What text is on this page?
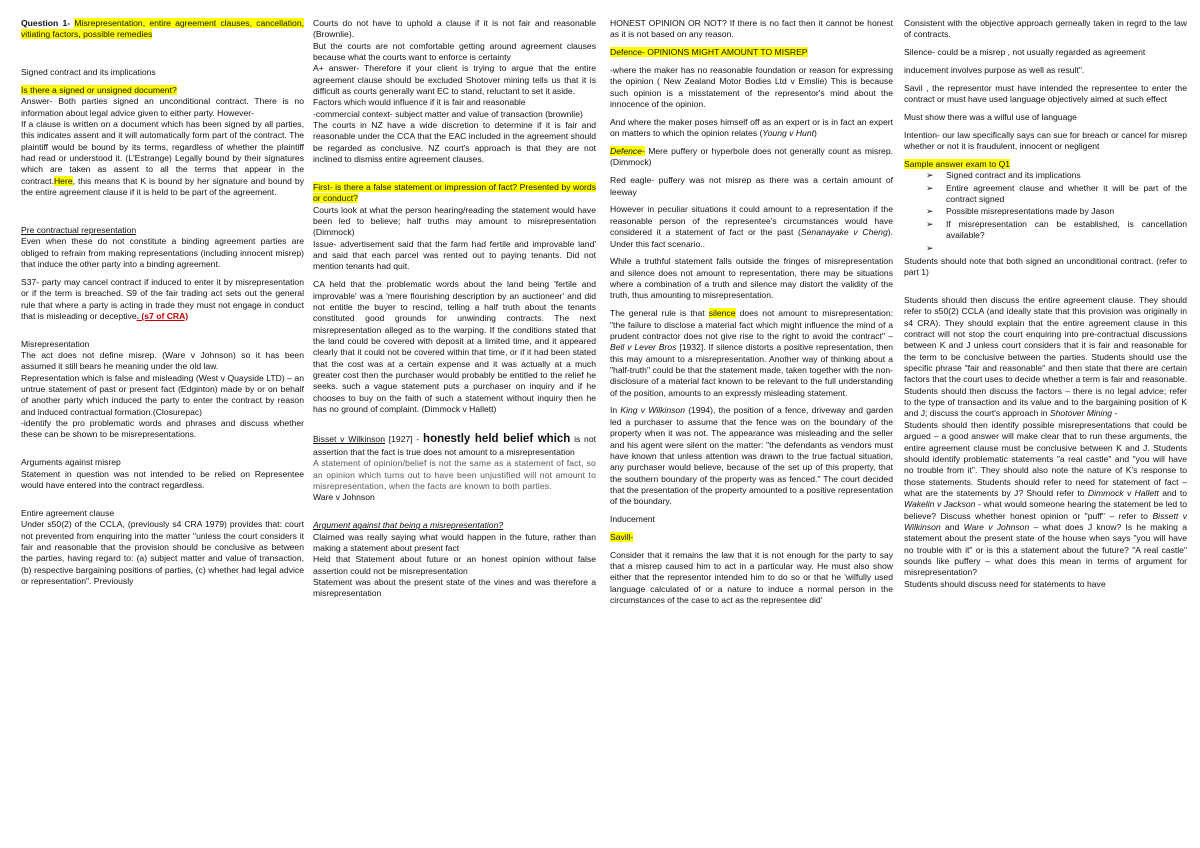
Question 1- Misrepresentation, entire agreement clauses, cancellation, vitiating factors, possible remedies

Signed contract and its implications

Is there a signed or unsigned document?

Answer- Both parties signed an unconditional contract. There is no information about legal advice given to either party. However-

If a clause is written on a document which has been signed by all parties, this indicates assent and it will automatically form part of the contract. The plaintiff would be bound by its terms, regardless of whether the plaintiff had read or understood it. (L'Estrange) Legally bound by their signatures which are taken as assent to all the terms that appear in the contract.Here, this means that K is bound by her signature and bound by the entire agreement clause if it is held to be part of the agreement.

Pre contractual representation

Even when these do not constitute a binding agreement parties are obliged to refrain from making representations (including innocent misrep) that induce the other party into a binding agreement.

S37- party may cancel contract if induced to enter it by misrepresentation or if the term is breached. S9 of the fair trading act sets out the general rule that where a party is acting in trade they must not engage in conduct that is misleading or deceptive. (s7 of CRA)

Misrepresentation

The act does not define misrep. (Ware v Johnson) so it has been assumed it still bears he meaning under the old law.

Representation which is false and misleading (West v Quayside LTD) – an untrue statement of past or present fact (Edginton) made by or on behalf of another party which induced the party to enter the contract by reason and induced contractual formation.(Closurepac)

-identify the pro problematic words and phrases and discuss whether these can be shown to be misrepresentations.

Arguments against misrep

Statement in question was not intended to be relied on Representee would have entered into the contract regardless.

Entire agreement clause

Under s50(2) of the CCLA, (previously s4 CRA 1979) provides that: court not prevented from enquiring into the matter "unless the court considers it fair and reasonable that the provision should be conclusive as between the parties, having regard to: (a) subject matter and value of transaction,(b) respective bargaining positions of parties, (c) whether had legal advice or representation". Previously

Courts do not have to uphold a clause if it is not fair and reasonable (Brownlie).

But the courts are not comfortable getting around agreement clauses because what the courts want to enforce is certainty

A+ answer- Therefore if your client is trying to argue that the entire agreement clause should be excluded Shotover mining tells us that it is difficult as courts generally want EC to stand, reluctant to set it aside.

Factors which would influence if it is fair and reasonable

-commercial context- subject matter and value of transaction (brownlie)

The courts in NZ have a wide discretion to determine if it is fair and reasonable under the CCA that the EAC included in the agreement should be regarded as conclusive. NZ court's approach is that they are not inclined to dismiss entire agreement clauses.

First- is there a false statement or impression of fact? Presented by words or conduct?

Courts look at what the person hearing/reading the statement would have been led to believe; half truths may amount to misrepresentation (Dimmock)

Issue- advertisement said that the farm had fertile and improvable land' and said that each parcel was rented out to paying tenants. Did not mention tenants had quit.

CA held that the problematic words about the land being 'fertile and improvable' was a 'mere flourishing description by an auctioneer' and did not entitle the buyer to rescind, telling a half truth about the tenants constituted good grounds for unwinding contracts. The next misrepresentation alleged as to the warping. If the conditions stated that the land could be covered with deposit at a limited time, and it appeared clearly that it could not be covered within that time, or if it had been stated that the cost was at a certain expense and it was actually at a much greater cost then the purchaser would probably be entitled to the relief he seeks. such a vague statement puts a purchaser on inquiry and if he chooses to buy on the faith of such a statement without inquiry then he has no ground of complaint. (Dimmock v Hallett)

Bisset v Wilkinson [1927] - honestly held belief which is not assertion that the fact is true does not amount to a misrepresentation

A statement of opinion/belief is not the same as a statement of fact, so an opinion which turns out to have been unjustified will not amount to misrepresentation, when the facts are known to both parties.

Ware v Johnson

Argument against that being a misrepresentation?

Claimed was really saying what would happen in the future, rather than making a statement about present fact

Held that Statement about future or an honest opinion without false assertion could not be misrepresentation

Statement was about the present state of the vines and was therefore a misrepresentation

HONEST OPINION OR NOT? If there is no fact then it cannot be honest as it is not based on any reason.

Defence- OPINIONS MIGHT AMOUNT TO MISREP

-where the maker has no reasonable foundation or reason for expressing the opinion ( New Zealand Motor Bodies Ltd v Emslie) This is because such opinion is a misstatement of the representor's mind about the innocence of the opinion.

And where the maker poses himself off as an expert or is in fact an expert on matters to which the opinion relates (Young v Hunt)

Defence- Mere puffery or hyperbole does not generally count as misrep. (Dimmock)

Red eagle- puffery was not misrep as there was a certain amount of leeway

However in peculiar situations it could amount to a representation if the reasonable person of the representee's circumstances would have considered it a statement of fact or the past (Senanayake v Cheng). Under this fact scenario..

While a truthful statement falls outside the fringes of misrepresentation and silence does not amount to representation, there may be situations where a combination of a truth and silence may distort the validity of the truth, thus amounting to misrepresentation.

The general rule is that silence does not amount to misrepresentation: "the failure to disclose a material fact which might influence the mind of a prudent contractor does not give rise to the right to avoid the contract" – Bell v Lever Bros [1932]. If silence distorts a positive representation, then this may amount to a misrepresentation. Another way of thinking about a "half-truth" could be that the statement made, taken together with the non-disclosure of a material fact known to be relevant to the full understanding of the position, amounts to an expressly misleading statement.

In King v Wilkinson (1994), the position of a fence, driveway and garden led a purchaser to assume that the fence was on the boundary of the property when it was not. The appearance was misleading and the seller and his agent were silent on the matter: "the defendants as vendors must have known that unless attention was drawn to the true factual situation, any purchaser would believe, because of the set up of this property, that the southern boundary of the property was as fenced." The court decided that the presentation of the property amounted to a positive representation of the boundary.

Inducement

Savill-

Consider that it remains the law that it is not enough for the party to say that a misrep caused him to act in a particular way. He must also show either that the representor intended him to do so or that he 'wilfully used language calculated of or a nature to induce a normal person in the circumstances of the case to act as the representee did'

Consistent with the objective approach gerneally taken in regrd to the law of contracts.

Silence- could be a misrep , not usually regarded as agreement

inducement involves purpose as well as result".

Savil , the representor must have intended the representee to enter the contract or must have used language objectively aimed at such effect

Must show there was a wilful use of language

Intention- our law specifically says can sue for breach or cancel for misrep whether or not it is fraudulent, innocent or negligent

Sample answer exam to Q1

➢ Signed contract and its implications
➢ Entire agreement clause and whether it will be part of the contract signed
➢ Possible misrepresentations made by Jason
➢ If misrepresentation can be established, is cancellation available?
➢

Students should note that both signed an unconditional contract. (refer to part 1)

Students should then discuss the entire agreement clause. They should refer to s50(2) CCLA (and ideally state that this provision was originally in s4 CRA). They should explain that the entire agreement clause in this contract will not stop the court enquiring into pre-contractual discussions between K and J unless court considers that it is fair and reasonable for the term to be conclusive between the parties. Students should use the specific phrase "fair and reasonable" and then state that there are certain factors that the court uses to decide whether a term is fair and reasonable. Students should then discuss the factors – there is no legal advice; refer to the type of transaction and its value and to the bargaining position of K and J; discuss the court's approach in Shotover Mining -

Students should then identify possible misrepresentations that could be argued – a good answer will make clear that to run these arguments, the entire agreement clause must be conclusive between K and J. Students should identify problematic statements "a real castle" and "you will have no trouble from it". They should also note the nature of K's response to those statements. Students should refer to need for statement of fact – what are the statements by J? Should refer to Dimmock v Hallett and to Wakelin v Jackson - what would someone hearing the statement be led to believe? Discuss whether honest opinion or "puff" – refer to Bissett v Wilkinson and Ware v Johnson – what does J know? Is he making a statement about the present state of the house when says "you will have no trouble with it" or is this a statement about the future? "A real castle" sounds like puffery – what does this mean in terms of argument for misrepresentation?

Students should discuss need for statements to have
